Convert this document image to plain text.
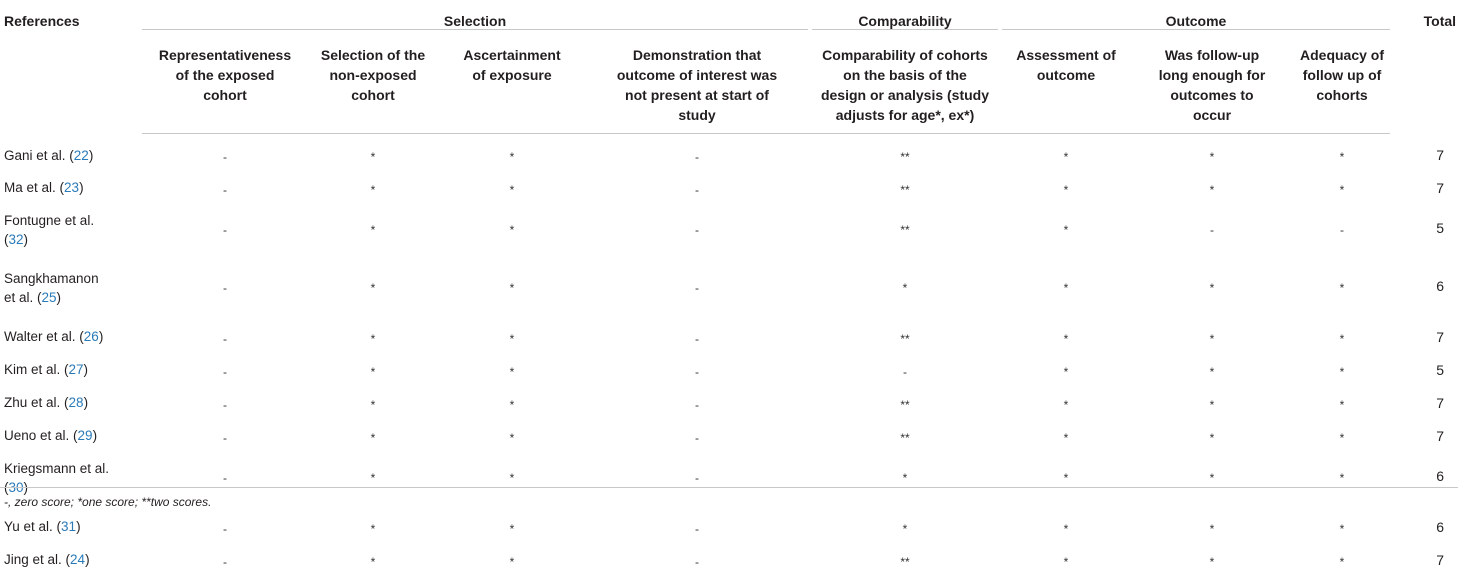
References	Selection				Comparability	Outcome			Total

	Representativeness
of the exposed
cohort	Selection of the
non-exposed
cohort	Ascertainment
of exposure	Demonstration that
outcome of interest was
not present at start of
study	Comparability of cohorts
on the basis of the
design or analysis (study
adjusts for age*, ex*)	Assessment of
outcome	Was follow-up
long enough for
outcomes to
occur	Adequacy of
follow up of
cohorts	

Gani et al. (22)	-	*	*	-	**	*	*	*	7
Ma et al. (23)	-	*	*	-	**	*	*	*	7
Fontugne et al.
(32)	-	*	*	-	**	*	-	-	5
Sangkhamanon
et al. (25)	-	*	*	-	*	*	*	*	6
Walter et al. (26)	-	*	*	-	**	*	*	*	7
Kim et al. (27)	-	*	*	-	-	*	*	*	5
Zhu et al. (28)	-	*	*	-	**	*	*	*	7
Ueno et al. (29)	-	*	*	-	**	*	*	*	7
Kriegsmann et al.
(30)	-	*	*	-	*	*	*	*	6
Yu et al. (31)	-	*	*	-	*	*	*	*	6
Jing et al. (24)	-	*	*	-	**	*	*	*	7
-, zero score; *one score; **two scores.
